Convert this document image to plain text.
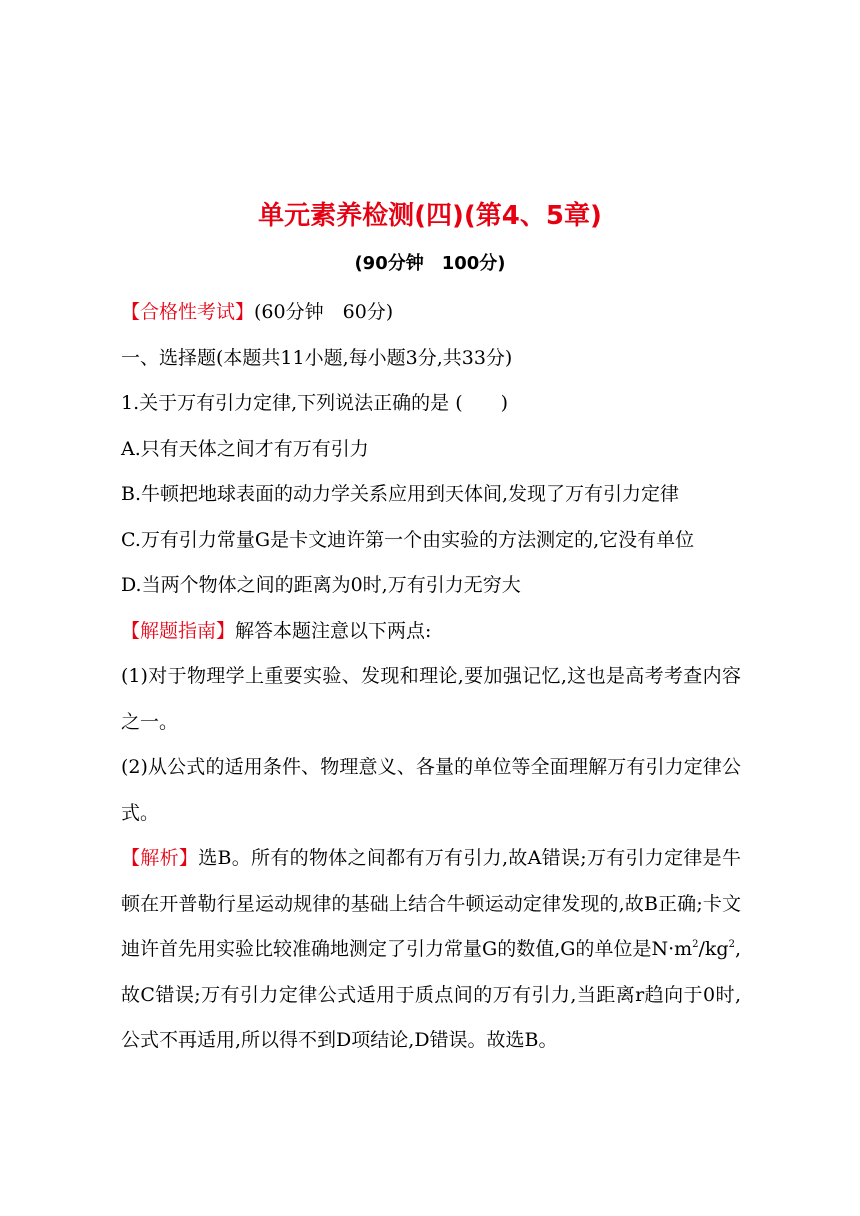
单元素养检测(四)(第4、5章)
(90分钟　100分)

【合格性考试】(60分钟　60分)

一、选择题(本题共11小题,每小题3分,共33分)

1.关于万有引力定律,下列说法正确的是 (　　)

A.只有天体之间才有万有引力

B.牛顿把地球表面的动力学关系应用到天体间,发现了万有引力定律

C.万有引力常量G是卡文迪许第一个由实验的方法测定的,它没有单位

D.当两个物体之间的距离为0时,万有引力无穷大

【解题指南】解答本题注意以下两点:

(1)对于物理学上重要实验、发现和理论,要加强记忆,这也是高考考查内容之一。

(2)从公式的适用条件、物理意义、各量的单位等全面理解万有引力定律公式。

【解析】选B。所有的物体之间都有万有引力,故A错误;万有引力定律是牛顿在开普勒行星运动规律的基础上结合牛顿运动定律发现的,故B正确;卡文迪许首先用实验比较准确地测定了引力常量G的数值,G的单位是$N\cdot m^2/kg^2$,故C错误;万有引力定律公式适用于质点间的万有引力,当距离r趋向于0时,公式不再适用,所以得不到D项结论,D错误。故选B。
